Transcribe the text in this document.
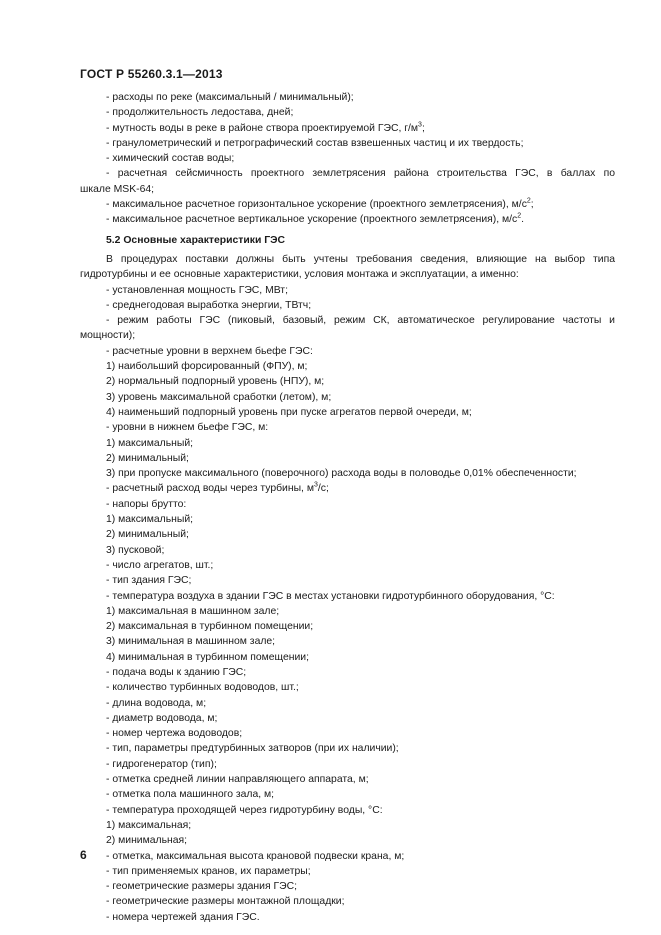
ГОСТ Р 55260.3.1—2013
- расходы по реке (максимальный / минимальный);
- продолжительность ледостава, дней;
- мутность воды в реке в районе створа проектируемой ГЭС, $г/м^3$;
- гранулометрический и петрографический состав взвешенных частиц и их твердость;
- химический состав воды;
- расчетная сейсмичность проектного землетрясения района строительства ГЭС, в баллах по
шкале MSK-64;
- максимальное расчетное горизонтальное ускорение (проектного землетрясения), $м/с^2$;
- максимальное расчетное вертикальное ускорение (проектного землетрясения), $м/с^2$.
5.2 Основные характеристики ГЭС
В процедурах поставки должны быть учтены требования сведения, влияющие на выбор типа
гидротурбины и ее основные характеристики, условия монтажа и эксплуатации, а именно:
- установленная мощность ГЭС, МВт;
- среднегодовая выработка энергии, ТВтч;
- режим работы ГЭС (пиковый, базовый, режим СК, автоматическое регулирование частоты и
мощности);
- расчетные уровни в верхнем бьефе ГЭС:
1) наибольший форсированный (ФПУ), м;
2) нормальный подпорный уровень (НПУ), м;
3) уровень максимальной сработки (летом), м;
4) наименьший подпорный уровень при пуске агрегатов первой очереди, м;
- уровни в нижнем бьефе ГЭС, м:
1) максимальный;
2) минимальный;
3) при пропуске максимального (поверочного) расхода воды в половодье 0,01% обеспеченности;
- расчетный расход воды через турбины, $м^3/с$;
- напоры брутто:
1) максимальный;
2) минимальный;
3) пусковой;
- число агрегатов, шт.;
- тип здания ГЭС;
- температура воздуха в здании ГЭС в местах установки гидротурбинного оборудования, °С:
1) максимальная в машинном зале;
2) максимальная в турбинном помещении;
3) минимальная в машинном зале;
4) минимальная в турбинном помещении;
- подача воды к зданию ГЭС;
- количество турбинных водоводов, шт.;
- длина водовода, м;
- диаметр водовода, м;
- номер чертежа водоводов;
- тип, параметры предтурбинных затворов (при их наличии);
- гидрогенератор (тип);
- отметка средней линии направляющего аппарата, м;
- отметка пола машинного зала, м;
- температура проходящей через гидротурбину воды, °С:
1) максимальная;
2) минимальная;
- отметка, максимальная высота крановой подвески крана, м;
- тип применяемых кранов, их параметры;
- геометрические размеры здания ГЭС;
- геометрические размеры монтажной площадки;
- номера чертежей здания ГЭС.
6
